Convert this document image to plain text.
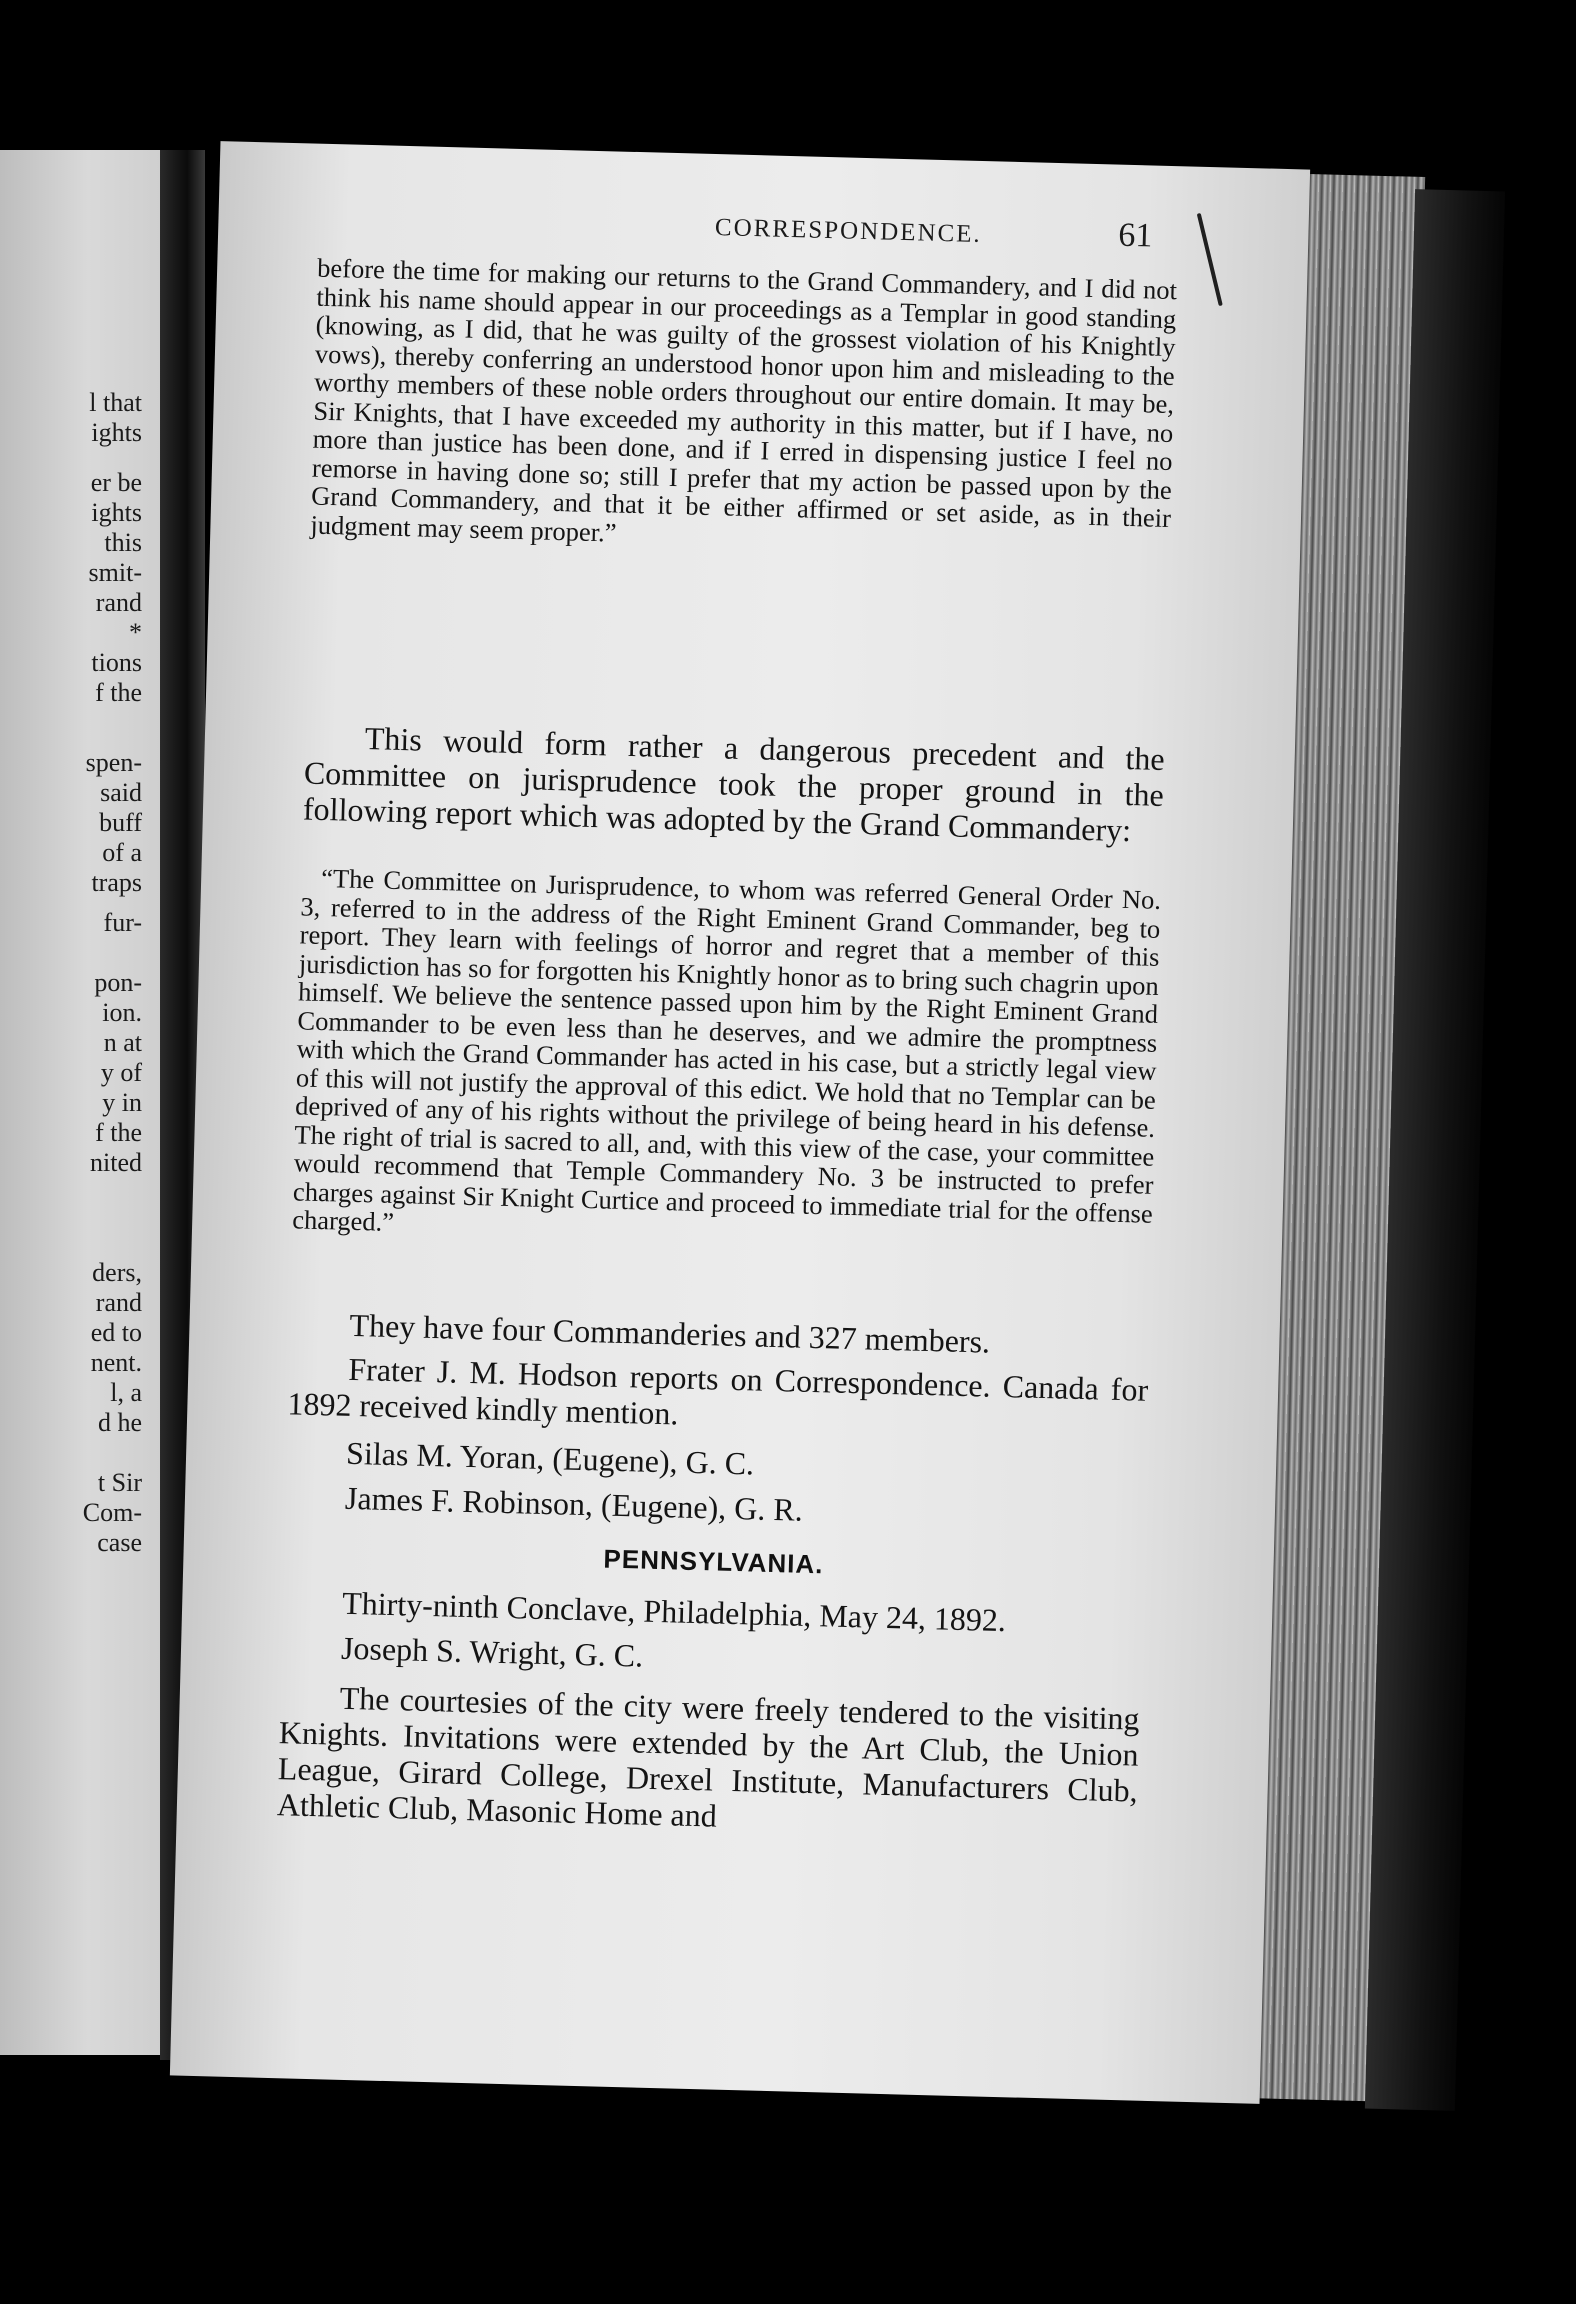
l that
ights
er be
ights
this
smit-
rand
*
tions
f the
spen-
said
buff
of a
traps
fur-
pon-
ion.
n at
y of
y in
f the
nited
ders,
rand
ed to
nent.
l, a
d he
t Sir
Com-
case
CORRESPONDENCE.	61

before the time for making our returns to the Grand Commandery, and I did not think his name should appear in our proceedings as a Templar in good standing (knowing, as I did, that he was guilty of the grossest violation of his Knightly vows), thereby conferring an understood honor upon him and misleading to the worthy members of these noble orders throughout our entire domain. It may be, Sir Knights, that I have exceeded my authority in this matter, but if I have, no more than justice has been done, and if I erred in dispensing justice I feel no remorse in having done so; still I prefer that my action be passed upon by the Grand Commandery, and that it be either affirmed or set aside, as in their judgment may seem proper.”

This would form rather a dangerous precedent and the Committee on jurisprudence took the proper ground in the following report which was adopted by the Grand Commandery:

“The Committee on Jurisprudence, to whom was referred General Order No. 3, referred to in the address of the Right Eminent Grand Commander, beg to report. They learn with feelings of horror and regret that a member of this jurisdiction has so for forgotten his Knightly honor as to bring such chagrin upon himself. We believe the sentence passed upon him by the Right Eminent Grand Commander to be even less than he deserves, and we admire the promptness with which the Grand Commander has acted in his case, but a strictly legal view of this will not justify the approval of this edict. We hold that no Templar can be deprived of any of his rights without the privilege of being heard in his defense. The right of trial is sacred to all, and, with this view of the case, your committee would recommend that Temple Commandery No. 3 be instructed to prefer charges against Sir Knight Curtice and proceed to immediate trial for the offense charged.”

They have four Commanderies and 327 members.

Frater J. M. Hodson reports on Correspondence. Canada for 1892 received kindly mention.

Silas M. Yoran, (Eugene), G. C.

James F. Robinson, (Eugene), G. R.

PENNSYLVANIA.

Thirty-ninth Conclave, Philadelphia, May 24, 1892.

Joseph S. Wright, G. C.

The courtesies of the city were freely tendered to the visiting Knights. Invitations were extended by the Art Club, the Union League, Girard College, Drexel Institute, Manufacturers Club, Athletic Club, Masonic Home and
